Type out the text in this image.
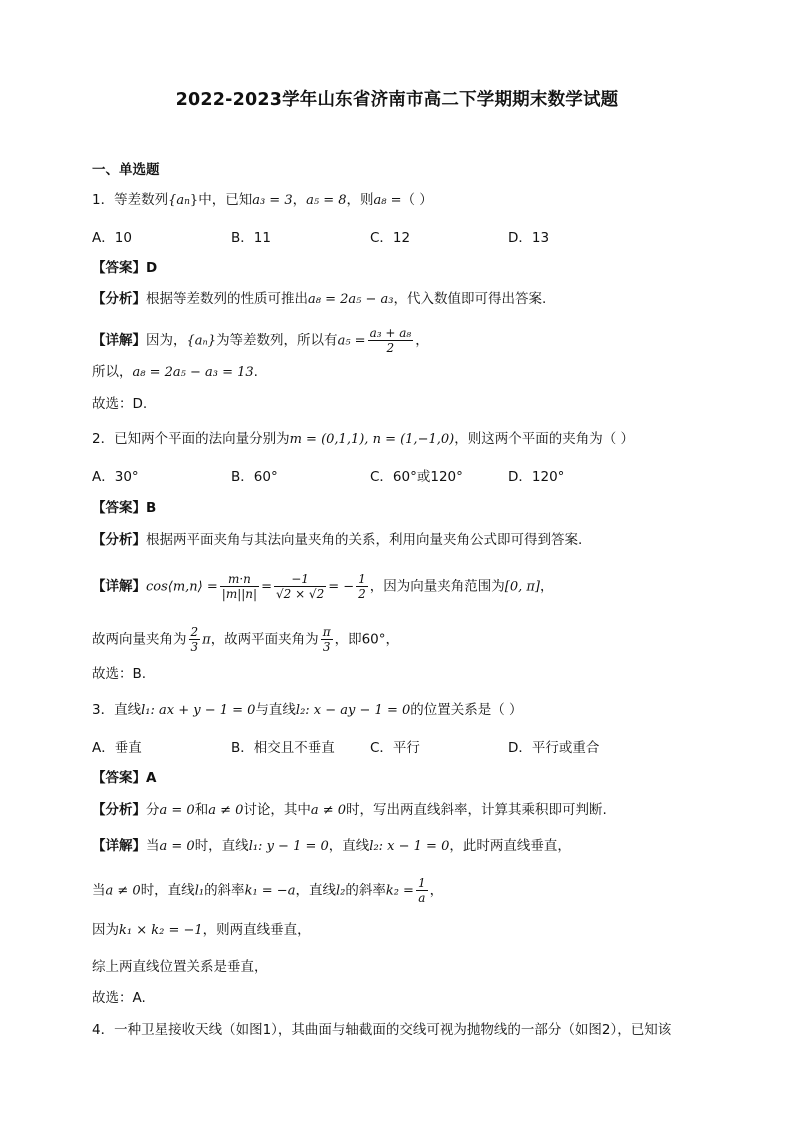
2022-2023学年山东省济南市高二下学期期末数学试题
一、单选题
1．等差数列{an}中，已知a₃ = 3，a₅ = 8，则a₈ =（ ）
A．10	B．11	C．12	D．13
【答案】D
【分析】根据等差数列的性质可推出a₈ = 2a₅ − a₃，代入数值即可得出答案.
【详解】因为，{aₙ}为等差数列，所以有$a_5 = \frac{\text{a₃ + a₈}}{2}$ ，
所以，a₈ = 2a₅ − a₃ = 13.
故选：D.
2．已知两个平面的法向量分别为m = (0,1,1), n = (1,−1,0)，则这两个平面的夹角为（ ）
A．30°	B．60°	C．60°或120°	D．120°
【答案】B
【分析】根据两平面夹角与其法向量夹角的关系，利用向量夹角公式即可得到答案.
【详解】cos⟨m,n⟩ = $\frac{m\cdot n}{|m||n|} = \frac{-1}{√2 \times √2}$ = − $\frac{1}{2}$ ，因为向量夹角范围为[0, π]，
故两向量夹角为 $\frac{2}{3}$ π，故两平面夹角为 $\frac{\pi}{3}$ ，即60°，
故选：B.
3．直线l₁: ax + y − 1 = 0与直线l₂: x − ay − 1 = 0的位置关系是（ ）
A．垂直	B．相交且不垂直	C．平行	D．平行或重合
【答案】A
【分析】分a = 0和a ≠ 0讨论，其中a ≠ 0时，写出两直线斜率，计算其乘积即可判断.
【详解】当a = 0时，直线l₁: y − 1 = 0，直线l₂: x − 1 = 0，此时两直线垂直，
当a ≠ 0时，直线l₁的斜率k₁ = −a，直线l₂的斜率$k_2 = \frac{1}{a}$ ，
因为k₁ × k₂ = −1，则两直线垂直，
综上两直线位置关系是垂直，
故选：A.
4．一种卫星接收天线（如图1），其曲面与轴截面的交线可视为抛物线的一部分（如图2），已知该
